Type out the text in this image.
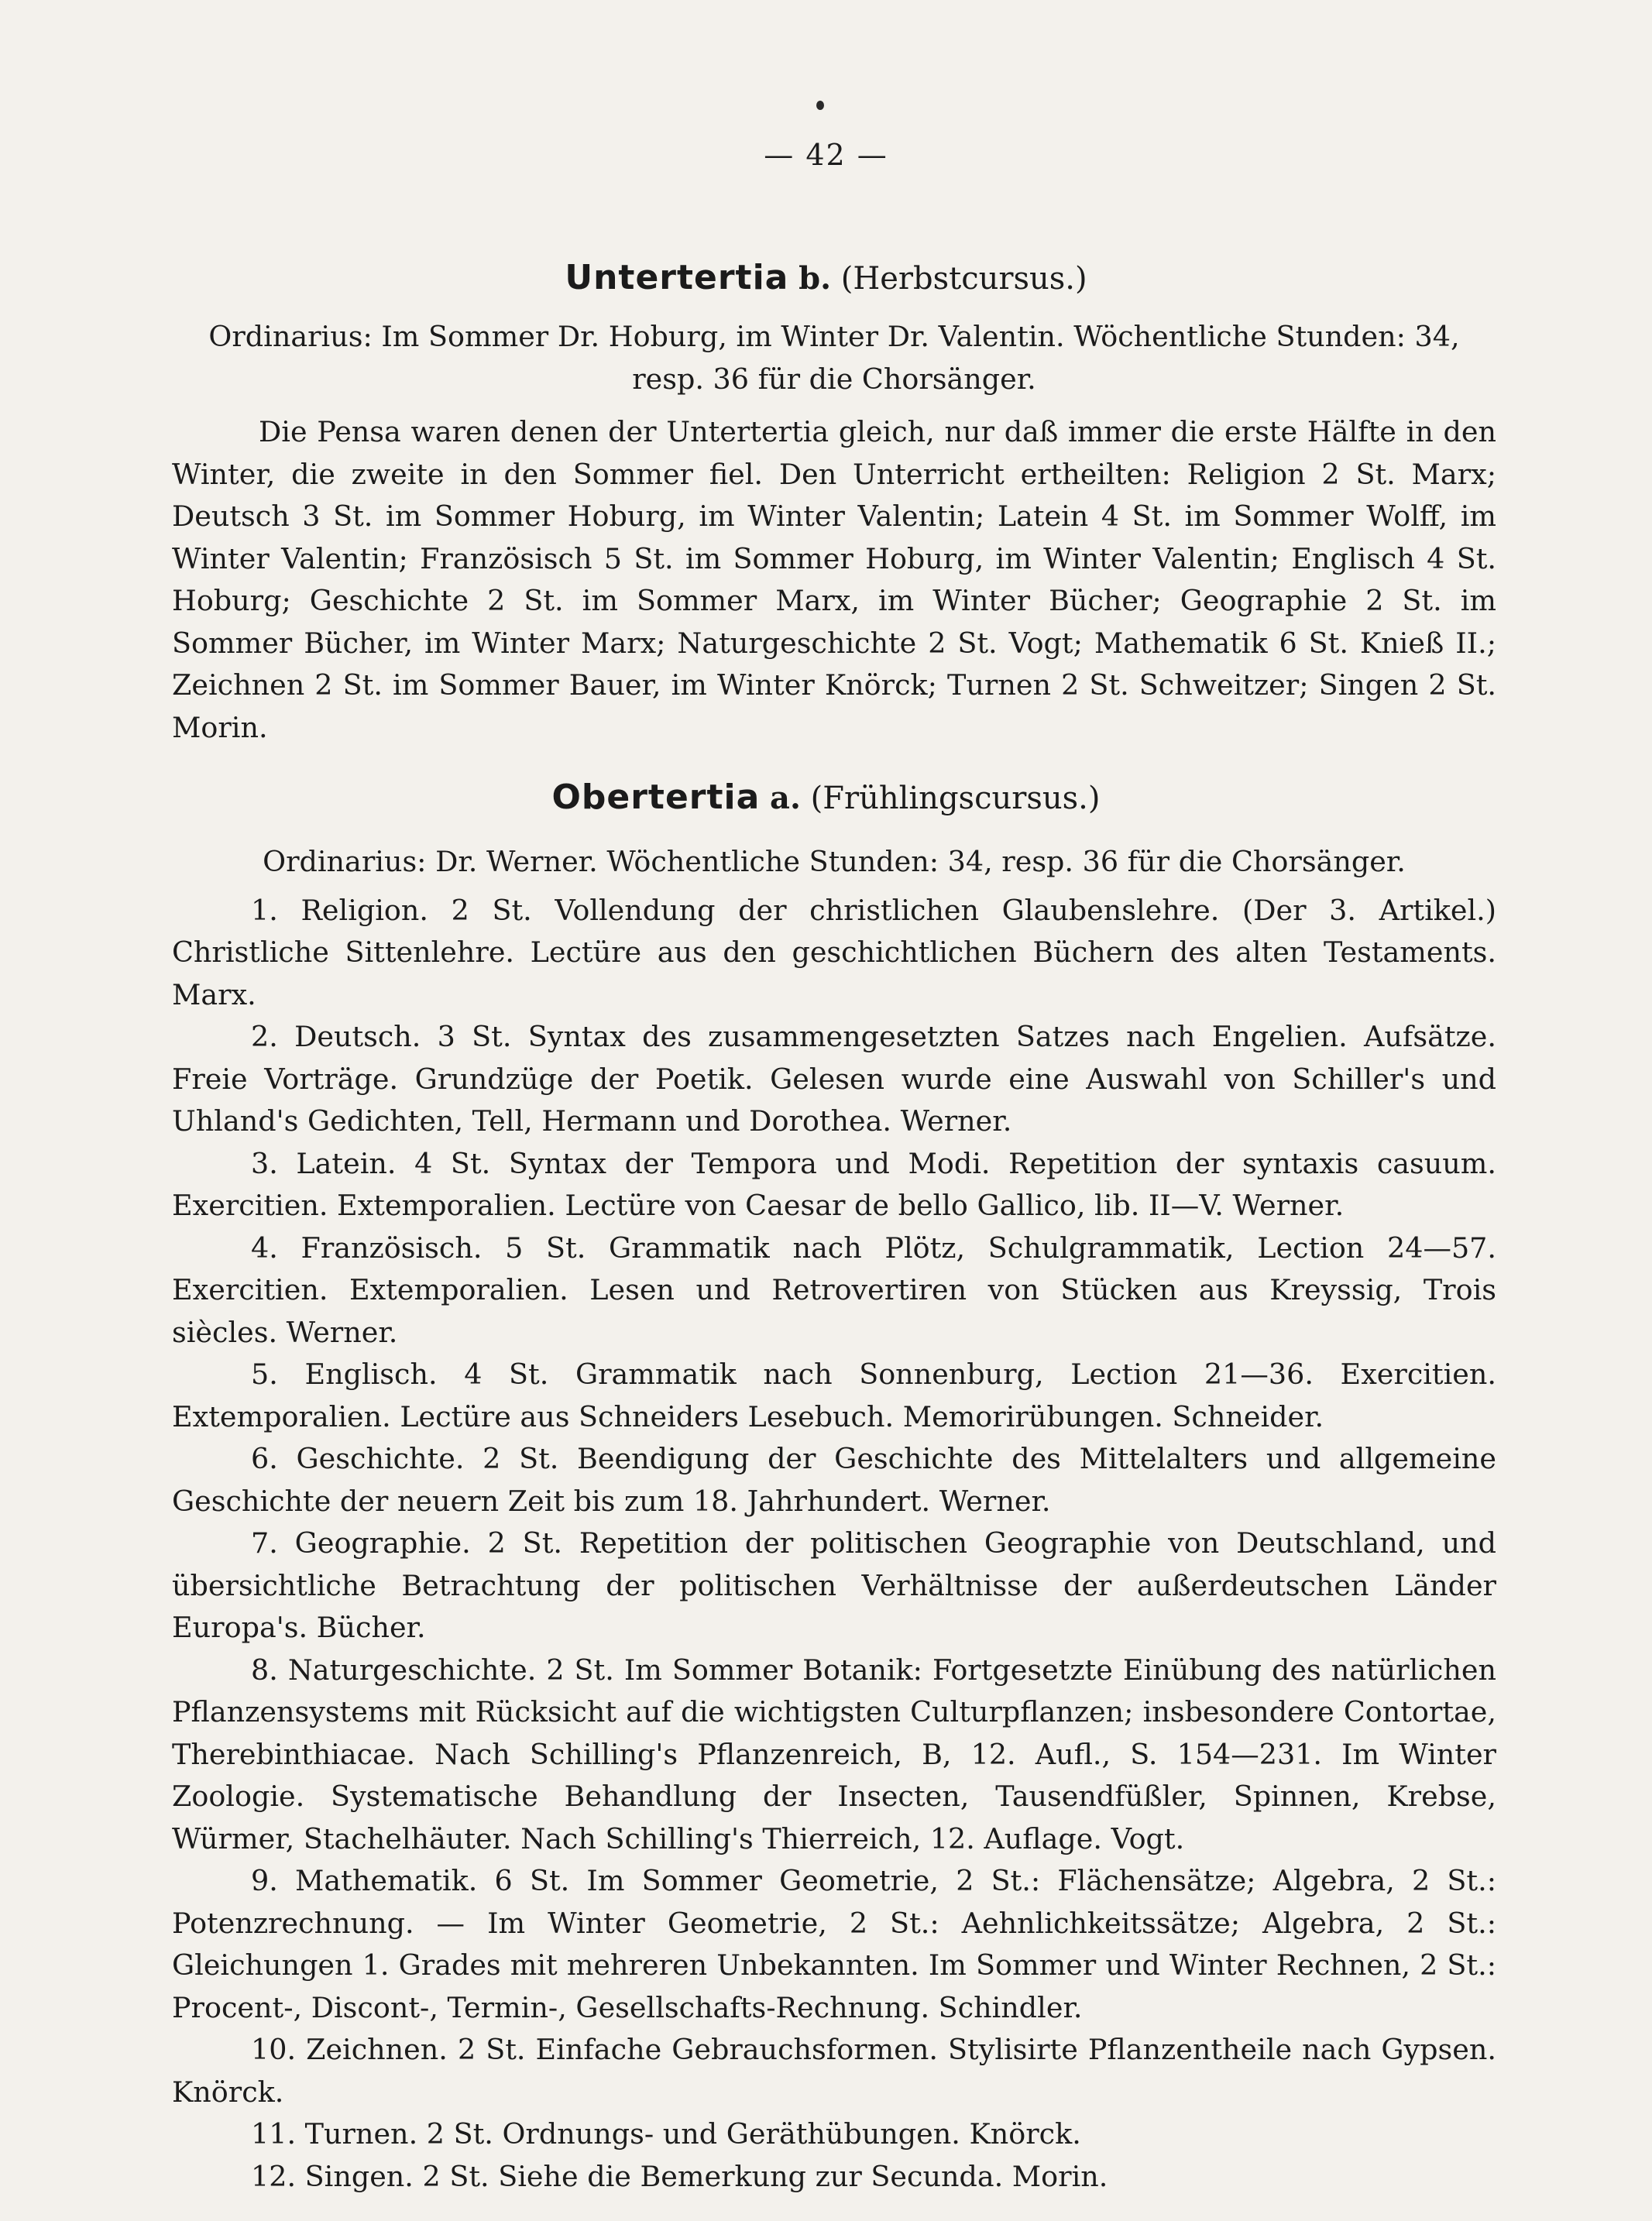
— 42 —
Untertertia b. (Herbstcursus.)

Ordinarius: Im Sommer Dr. Hoburg, im Winter Dr. Valentin. Wöchentliche Stunden: 34, resp. 36 für die Chorsänger.

Die Pensa waren denen der Untertertia gleich, nur daß immer die erste Hälfte in den Winter, die zweite in den Sommer fiel. Den Unterricht ertheilten: Religion 2 St. Marx; Deutsch 3 St. im Sommer Hoburg, im Winter Valentin; Latein 4 St. im Sommer Wolff, im Winter Valentin; Französisch 5 St. im Sommer Hoburg, im Winter Valentin; Englisch 4 St. Hoburg; Geschichte 2 St. im Sommer Marx, im Winter Bücher; Geographie 2 St. im Sommer Bücher, im Winter Marx; Naturgeschichte 2 St. Vogt; Mathematik 6 St. Knieß II.; Zeichnen 2 St. im Sommer Bauer, im Winter Knörck; Turnen 2 St. Schweitzer; Singen 2 St. Morin.

Obertertia a. (Frühlingscursus.)

Ordinarius: Dr. Werner. Wöchentliche Stunden: 34, resp. 36 für die Chorsänger.

1. Religion. 2 St. Vollendung der christlichen Glaubenslehre. (Der 3. Artikel.) Christliche Sittenlehre. Lectüre aus den geschichtlichen Büchern des alten Testaments. Marx.

2. Deutsch. 3 St. Syntax des zusammengesetzten Satzes nach Engelien. Aufsätze. Freie Vorträge. Grundzüge der Poetik. Gelesen wurde eine Auswahl von Schiller's und Uhland's Gedichten, Tell, Hermann und Dorothea. Werner.

3. Latein. 4 St. Syntax der Tempora und Modi. Repetition der syntaxis casuum. Exercitien. Extemporalien. Lectüre von Caesar de bello Gallico, lib. II—V. Werner.

4. Französisch. 5 St. Grammatik nach Plötz, Schulgrammatik, Lection 24—57. Exercitien. Extemporalien. Lesen und Retrovertiren von Stücken aus Kreyssig, Trois siècles. Werner.

5. Englisch. 4 St. Grammatik nach Sonnenburg, Lection 21—36. Exercitien. Extemporalien. Lectüre aus Schneiders Lesebuch. Memorirübungen. Schneider.

6. Geschichte. 2 St. Beendigung der Geschichte des Mittelalters und allgemeine Geschichte der neuern Zeit bis zum 18. Jahrhundert. Werner.

7. Geographie. 2 St. Repetition der politischen Geographie von Deutschland, und übersichtliche Betrachtung der politischen Verhältnisse der außerdeutschen Länder Europa's. Bücher.

8. Naturgeschichte. 2 St. Im Sommer Botanik: Fortgesetzte Einübung des natürlichen Pflanzensystems mit Rücksicht auf die wichtigsten Culturpflanzen; insbesondere Contortae, Therebinthiacae. Nach Schilling's Pflanzenreich, B, 12. Aufl., S. 154—231. Im Winter Zoologie. Systematische Behandlung der Insecten, Tausendfüßler, Spinnen, Krebse, Würmer, Stachelhäuter. Nach Schilling's Thierreich, 12. Auflage. Vogt.

9. Mathematik. 6 St. Im Sommer Geometrie, 2 St.: Flächensätze; Algebra, 2 St.: Potenzrechnung. — Im Winter Geometrie, 2 St.: Aehnlichkeitssätze; Algebra, 2 St.: Gleichungen 1. Grades mit mehreren Unbekannten. Im Sommer und Winter Rechnen, 2 St.: Procent-, Discont-, Termin-, Gesellschafts-Rechnung. Schindler.

10. Zeichnen. 2 St. Einfache Gebrauchsformen. Stylisirte Pflanzentheile nach Gypsen. Knörck.

11. Turnen. 2 St. Ordnungs- und Geräthübungen. Knörck.

12. Singen. 2 St. Siehe die Bemerkung zur Secunda. Morin.
